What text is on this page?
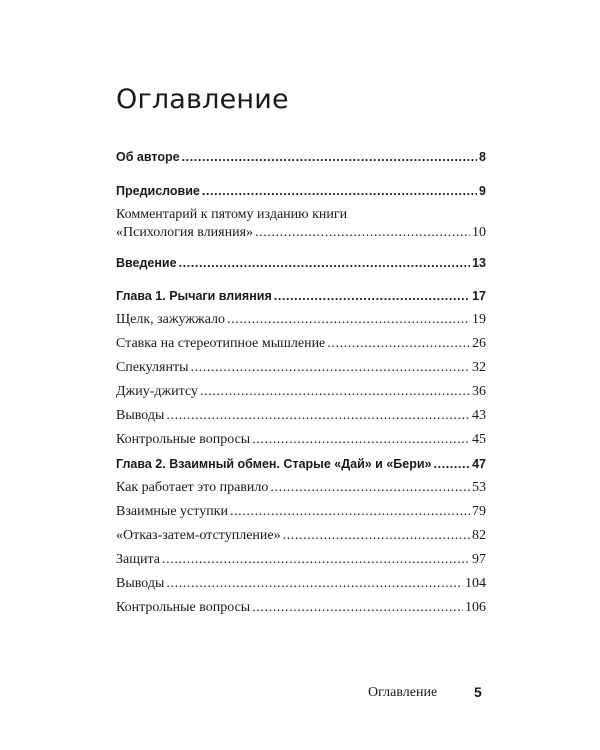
Оглавление
Об авторе .....	8
Предисловие .....	9
Комментарий к пятому изданию книги
«Психология влияния» .....	10
Введение .....	13
Глава 1. Рычаги влияния .....	17
Щелк, зажужжало .....	19
Ставка на стереотипное мышление .....	26
Спекулянты .....	32
Джиу-джитсу .....	36
Выводы .....	43
Контрольные вопросы .....	45
Глава 2. Взаимный обмен. Старые «Дай» и «Бери» .....	47
Как работает это правило .....	53
Взаимные уступки .....	79
«Отказ-затем-отступление» .....	82
Защита .....	97
Выводы .....	104
Контрольные вопросы .....	106
Оглавление	5
